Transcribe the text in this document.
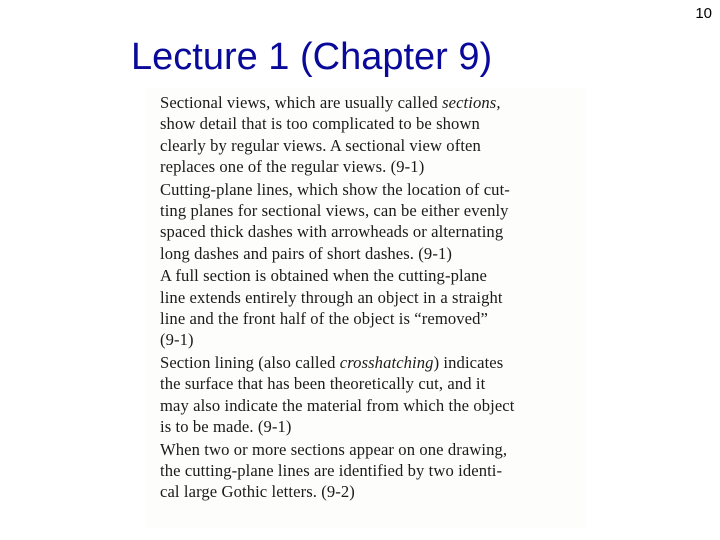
10
Lecture 1 (Chapter 9)
Sectional views, which are usually called sections,
show detail that is too complicated to be shown
clearly by regular views. A sectional view often
replaces one of the regular views. (9-1)
Cutting-plane lines, which show the location of cut-
ting planes for sectional views, can be either evenly
spaced thick dashes with arrowheads or alternating
long dashes and pairs of short dashes. (9-1)
A full section is obtained when the cutting-plane
line extends entirely through an object in a straight
line and the front half of the object is “removed”
(9-1)
Section lining (also called crosshatching) indicates
the surface that has been theoretically cut, and it
may also indicate the material from which the object
is to be made. (9-1)
When two or more sections appear on one drawing,
the cutting-plane lines are identified by two identi-
cal large Gothic letters. (9-2)
